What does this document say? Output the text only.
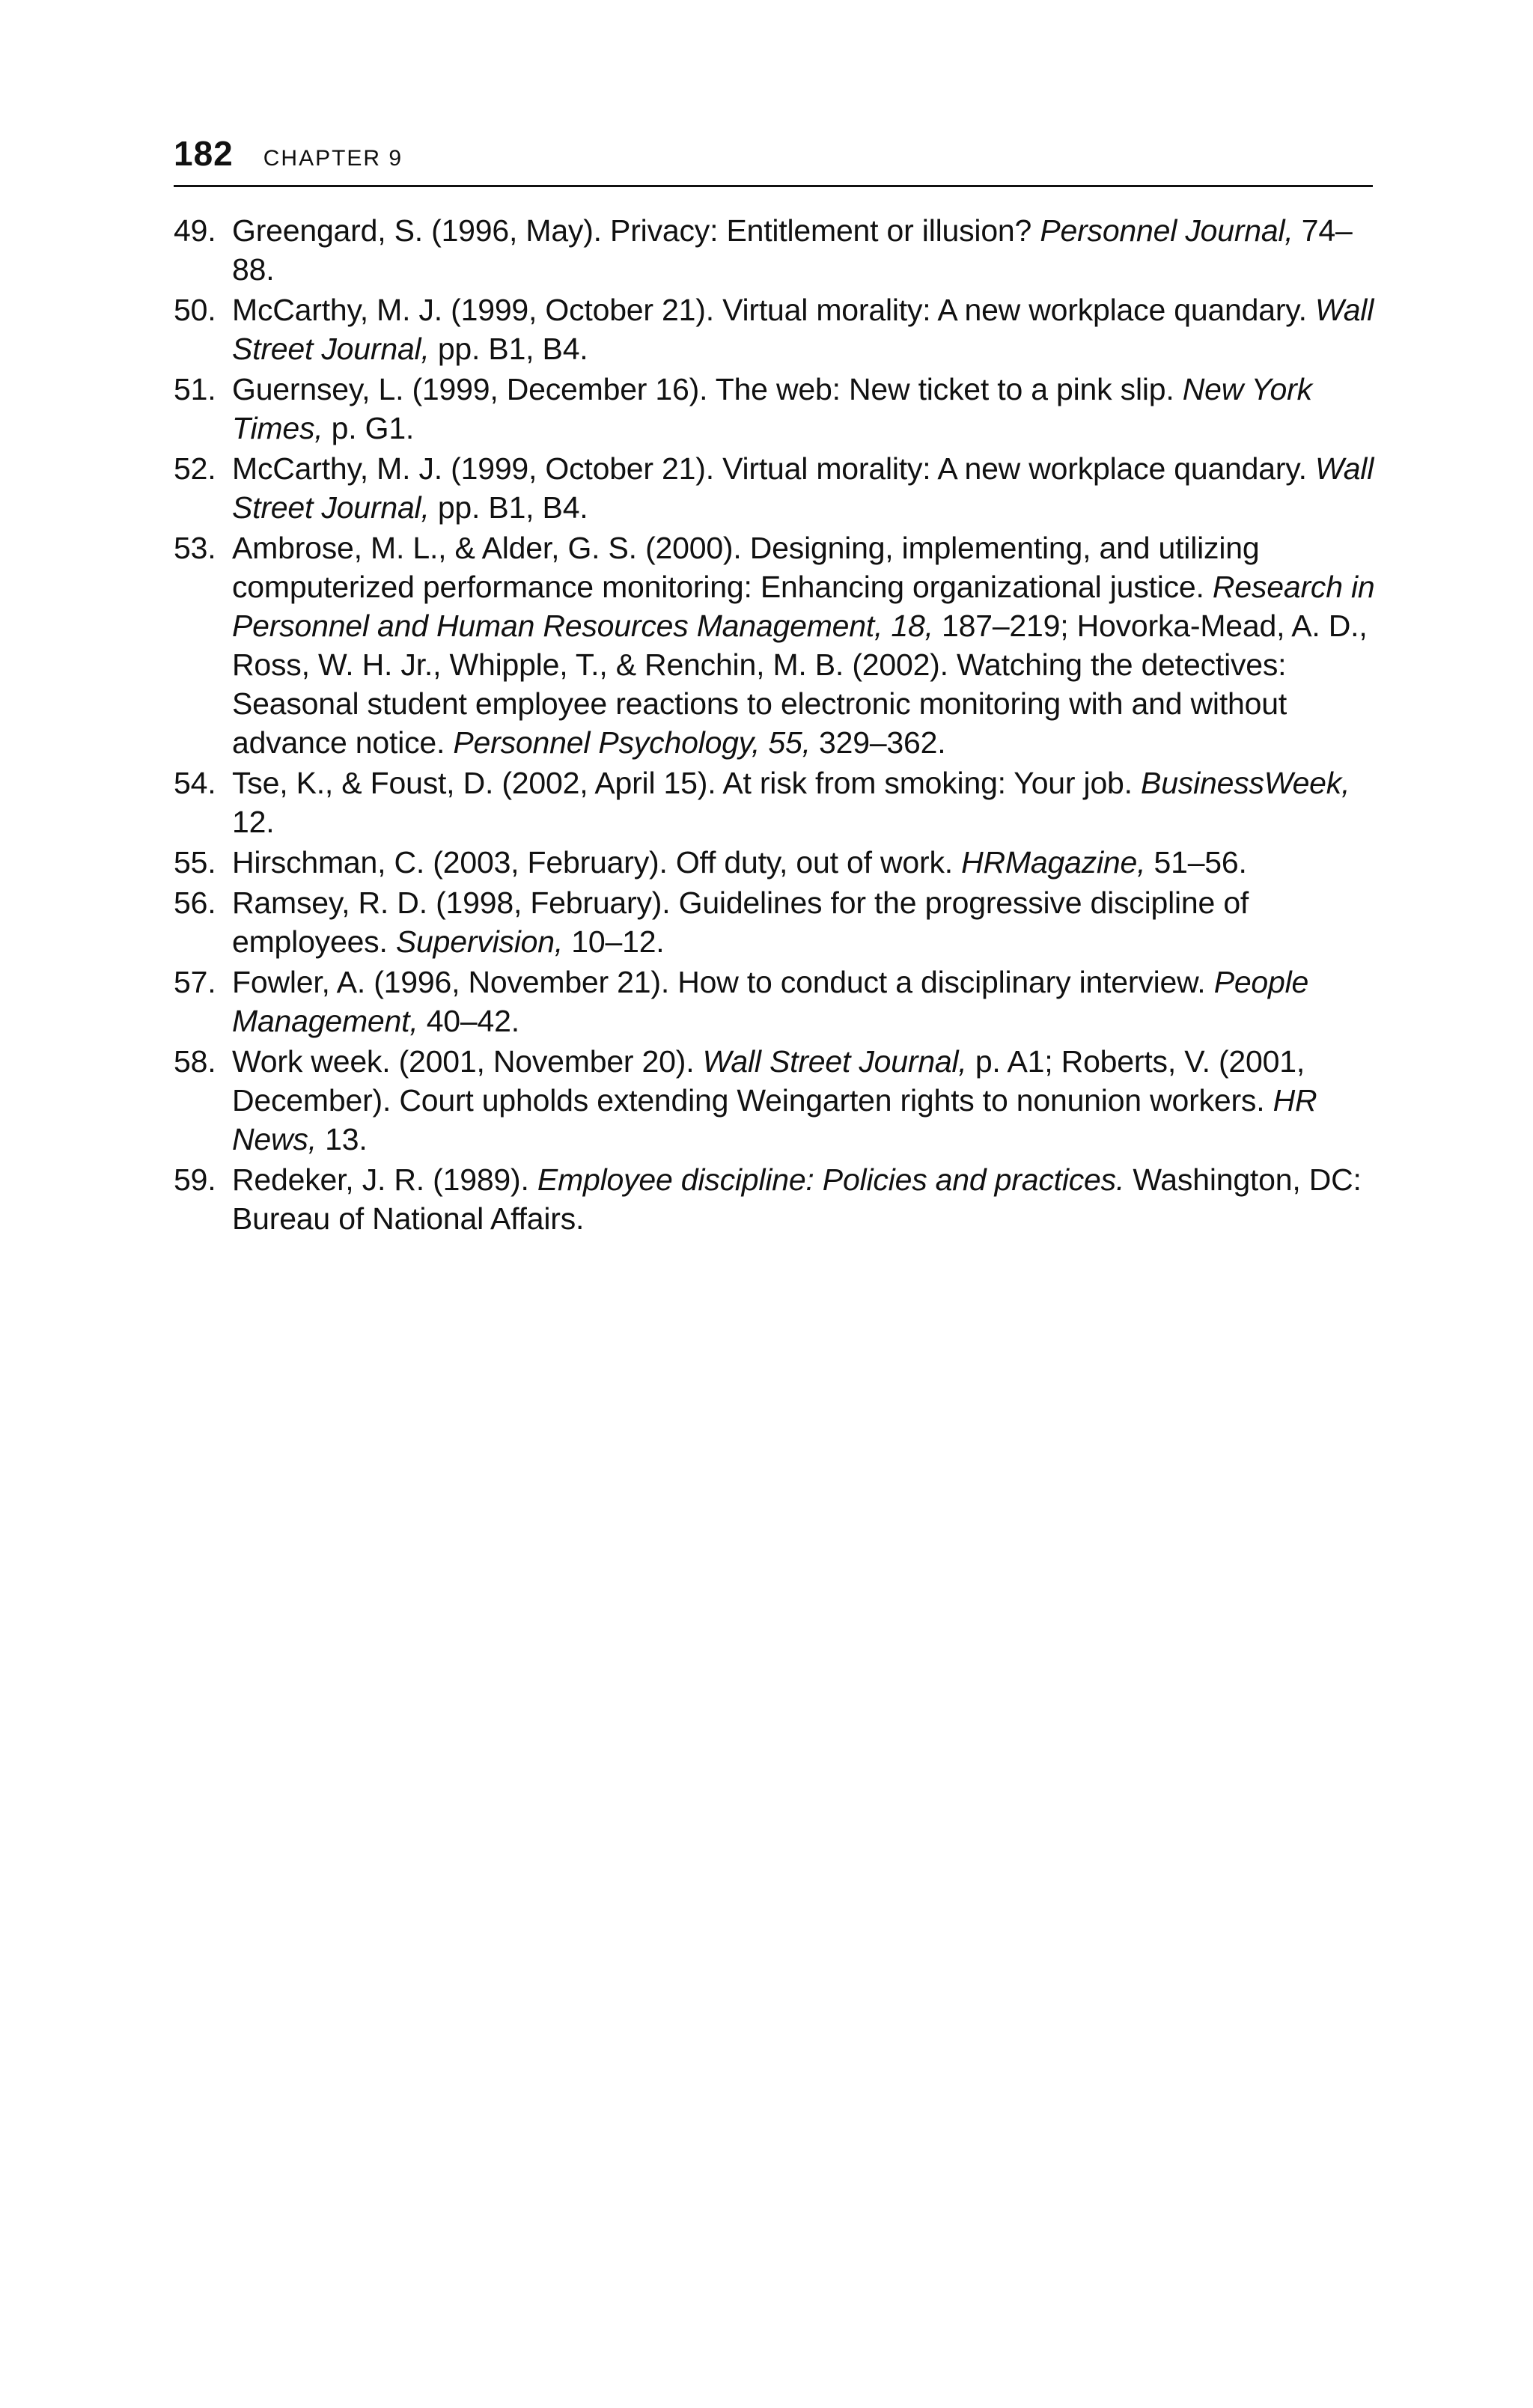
182 CHAPTER 9
49. Greengard, S. (1996, May). Privacy: Entitlement or illusion? Personnel Journal, 74–88.
50. McCarthy, M. J. (1999, October 21). Virtual morality: A new workplace quandary. Wall Street Journal, pp. B1, B4.
51. Guernsey, L. (1999, December 16). The web: New ticket to a pink slip. New York Times, p. G1.
52. McCarthy, M. J. (1999, October 21). Virtual morality: A new workplace quandary. Wall Street Journal, pp. B1, B4.
53. Ambrose, M. L., & Alder, G. S. (2000). Designing, implementing, and utilizing computerized performance monitoring: Enhancing organizational justice. Research in Personnel and Human Resources Management, 18, 187–219; Hovorka-Mead, A. D., Ross, W. H. Jr., Whipple, T., & Renchin, M. B. (2002). Watching the detectives: Seasonal student employee reactions to electronic monitoring with and without advance notice. Personnel Psychology, 55, 329–362.
54. Tse, K., & Foust, D. (2002, April 15). At risk from smoking: Your job. BusinessWeek, 12.
55. Hirschman, C. (2003, February). Off duty, out of work. HRMagazine, 51–56.
56. Ramsey, R. D. (1998, February). Guidelines for the progressive discipline of employees. Supervision, 10–12.
57. Fowler, A. (1996, November 21). How to conduct a disciplinary interview. People Management, 40–42.
58. Work week. (2001, November 20). Wall Street Journal, p. A1; Roberts, V. (2001, December). Court upholds extending Weingarten rights to nonunion workers. HR News, 13.
59. Redeker, J. R. (1989). Employee discipline: Policies and practices. Washington, DC: Bureau of National Affairs.
